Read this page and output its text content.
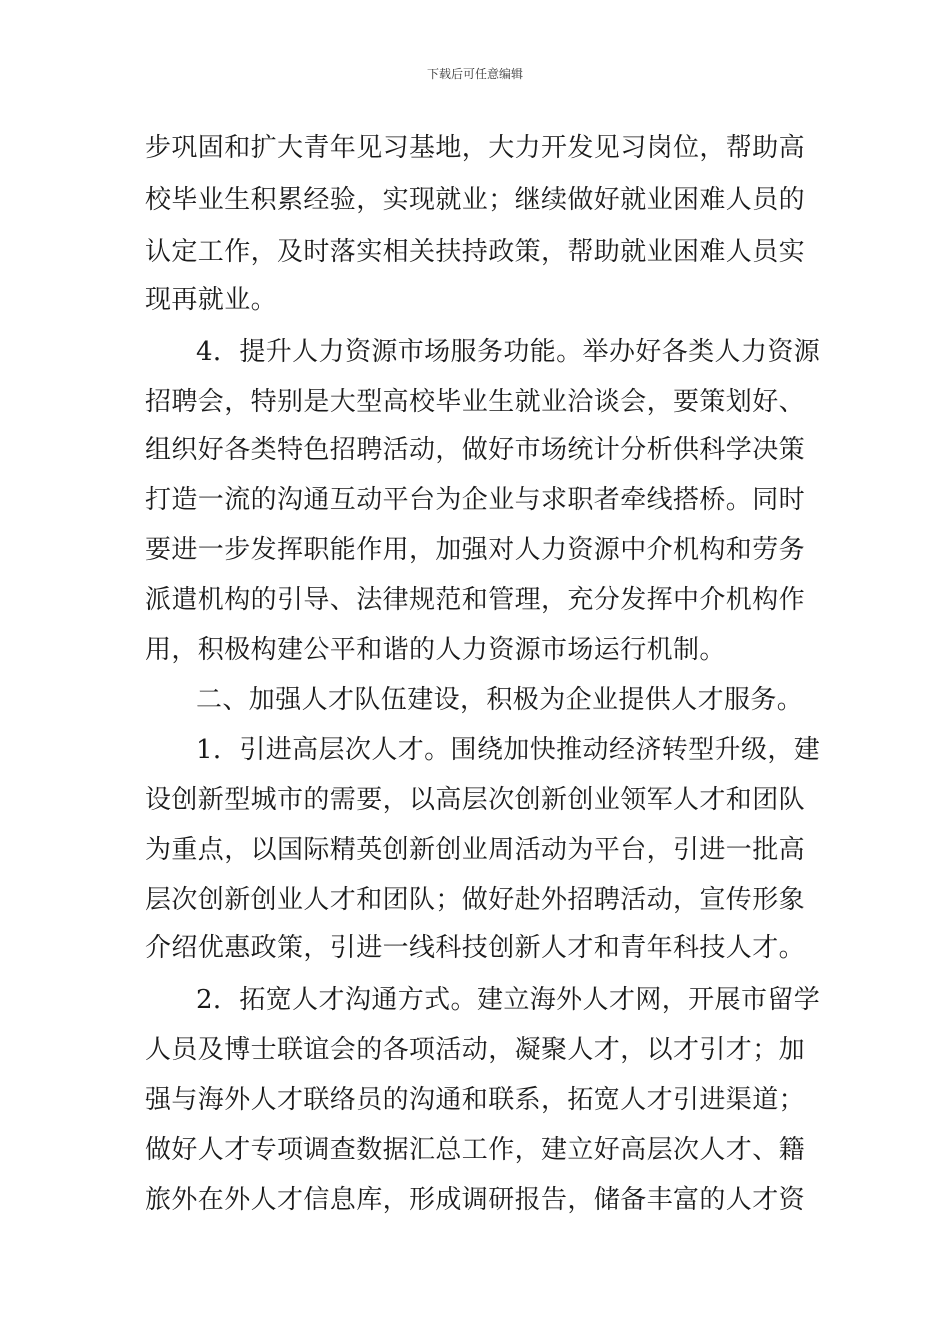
下载后可任意编辑
步巩固和扩大青年见习基地，大力开发见习岗位，帮助高
校毕业生积累经验，实现就业；继续做好就业困难人员的
认定工作，及时落实相关扶持政策，帮助就业困难人员实
现再就业。
4．提升人力资源市场服务功能。举办好各类人力资源
招聘会，特别是大型高校毕业生就业洽谈会，要策划好、
组织好各类特色招聘活动，做好市场统计分析供科学决策
打造一流的沟通互动平台为企业与求职者牵线搭桥。同时
要进一步发挥职能作用，加强对人力资源中介机构和劳务
派遣机构的引导、法律规范和管理，充分发挥中介机构作
用，积极构建公平和谐的人力资源市场运行机制。
二、加强人才队伍建设，积极为企业提供人才服务。
1．引进高层次人才。围绕加快推动经济转型升级，建
设创新型城市的需要，以高层次创新创业领军人才和团队
为重点，以国际精英创新创业周活动为平台，引进一批高
层次创新创业人才和团队；做好赴外招聘活动，宣传形象
介绍优惠政策，引进一线科技创新人才和青年科技人才。
2．拓宽人才沟通方式。建立海外人才网，开展市留学
人员及博士联谊会的各项活动，凝聚人才，以才引才；加
强与海外人才联络员的沟通和联系，拓宽人才引进渠道；
做好人才专项调查数据汇总工作，建立好高层次人才、籍
旅外在外人才信息库，形成调研报告，储备丰富的人才资
